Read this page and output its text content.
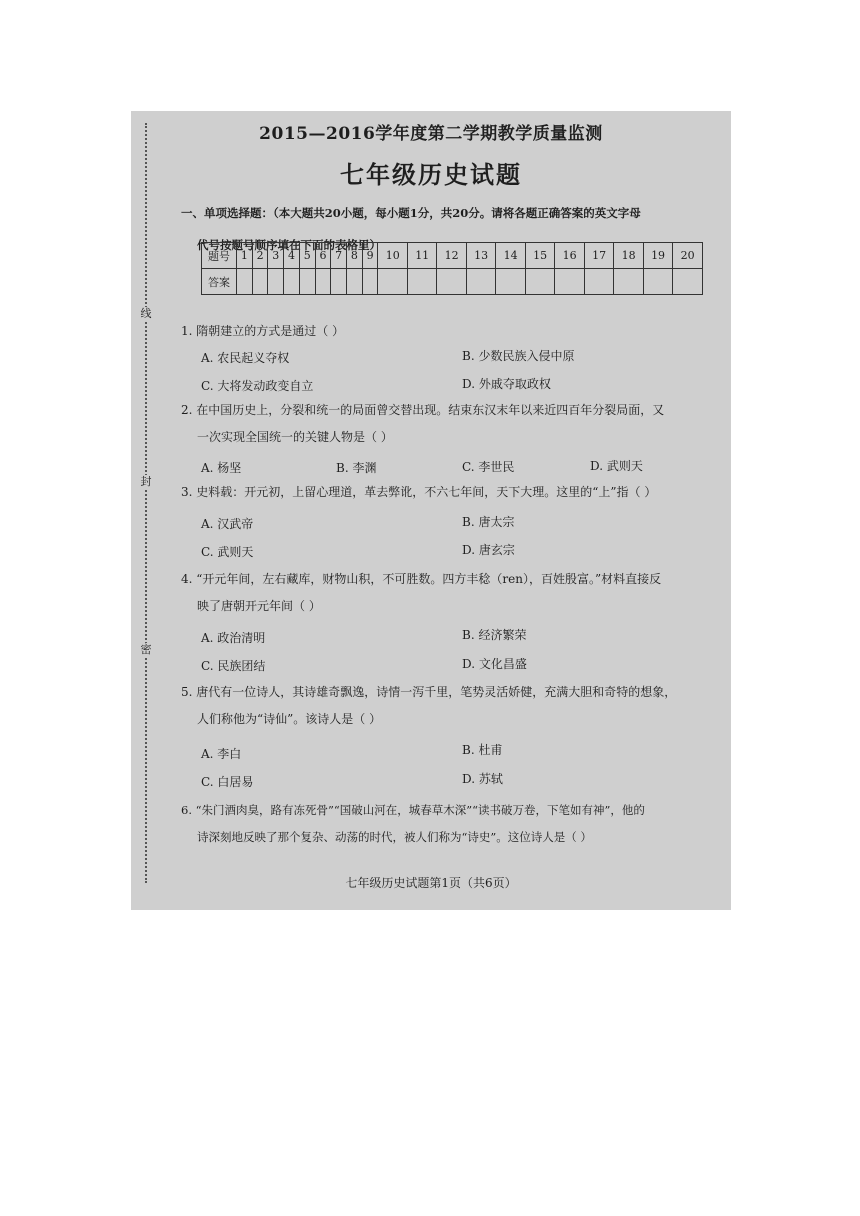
线
封
密
2015—2016学年度第二学期教学质量监测
七年级历史试题
一、单项选择题：（本大题共20小题，每小题1分，共20分。请将各题正确答案的英文字母
代号按题号顺序填在下面的表格里）
题号	1	2	3	4	5	6	7	8	9	10	11	12	13	14	15	16	17	18	19	20
答案																				
1. 隋朝建立的方式是通过（ ）
A. 农民起义夺权	B. 少数民族入侵中原
C. 大将发动政变自立	D. 外戚夺取政权
2. 在中国历史上，分裂和统一的局面曾交替出现。结束东汉末年以来近四百年分裂局面，又
一次实现全国统一的关键人物是（ ）
A. 杨坚	B. 李渊	C. 李世民	D. 武则天
3. 史料载：开元初，上留心理道，革去弊讹，不六七年间，天下大理。这里的“上”指（ ）
A. 汉武帝	B. 唐太宗
C. 武则天	D. 唐玄宗
4. “开元年间，左右藏库，财物山积，不可胜数。四方丰稔（ren），百姓殷富。”材料直接反
映了唐朝开元年间（ ）
A. 政治清明	B. 经济繁荣
C. 民族团结	D. 文化昌盛
5. 唐代有一位诗人，其诗雄奇飘逸，诗情一泻千里，笔势灵活娇健，充满大胆和奇特的想象，
人们称他为“诗仙”。该诗人是（ ）
A. 李白	B. 杜甫
C. 白居易	D. 苏轼
6. “朱门酒肉臭，路有冻死骨”“国破山河在，城春草木深”“读书破万卷，下笔如有神”，他的
诗深刻地反映了那个复杂、动荡的时代，被人们称为“诗史”。这位诗人是（ ）
七年级历史试题第1页（共6页）
